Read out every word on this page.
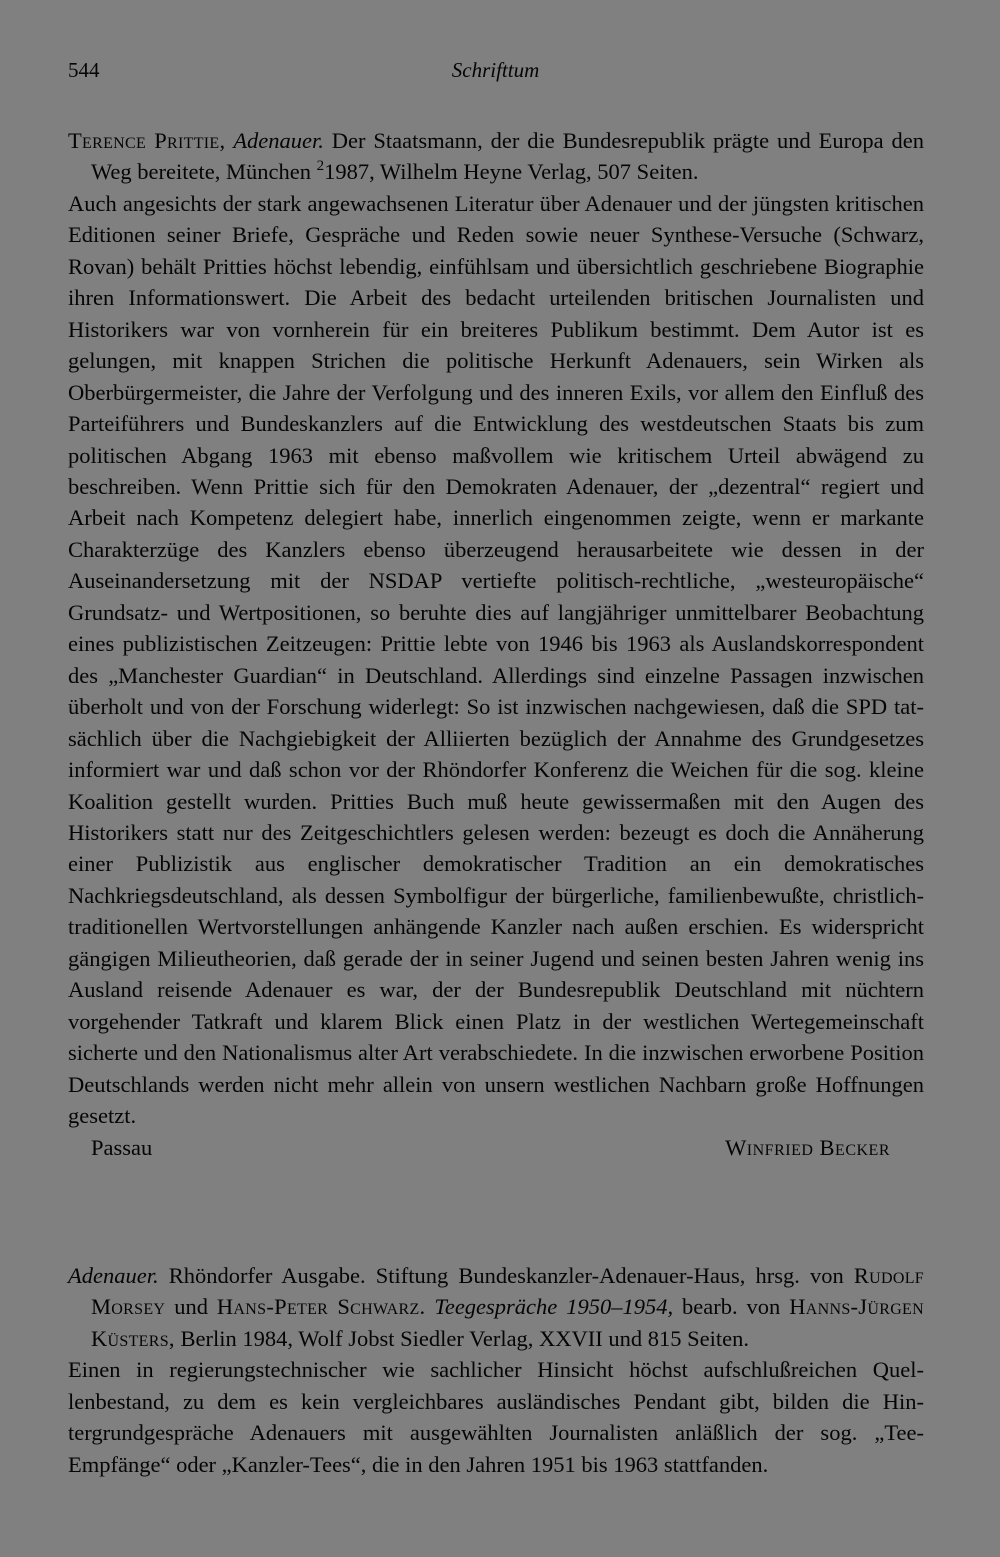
544	Schrifttum

Terence Prittie, Adenauer. Der Staatsmann, der die Bundesrepublik prägte und Europa den Weg bereitete, München $^2$1987, Wilhelm Heyne Verlag, 507 Seiten.

Auch angesichts der stark angewachsenen Literatur über Adenauer und der jüngsten kritischen Editionen seiner Briefe, Gespräche und Reden sowie neuer Synthese-Versuche (Schwarz, Rovan) behält Pritties höchst lebendig, einfühlsam und übersichtlich geschriebene Biographie ihren Informationswert. Die Arbeit des bedacht urteilenden britischen Journalisten und Historikers war von vornherein für ein breiteres Publikum bestimmt. Dem Autor ist es gelungen, mit knappen Strichen die politische Herkunft Adenauers, sein Wirken als Oberbürgermeister, die Jahre der Verfolgung und des inneren Exils, vor allem den Einfluß des Parteiführers und Bundeskanzlers auf die Entwicklung des westdeutschen Staats bis zum politischen Abgang 1963 mit ebenso maßvollem wie kritischem Urteil abwägend zu beschreiben. Wenn Prittie sich für den Demokraten Adenauer, der „dezentral“ regiert und Arbeit nach Kompetenz delegiert habe, innerlich eingenommen zeigte, wenn er markante Charakterzüge des Kanzlers ebenso überzeugend herausarbeitete wie dessen in der Auseinandersetzung mit der NSDAP vertiefte politisch-rechtliche, „westeuropäische“ Grundsatz- und Wertpositionen, so beruhte dies auf langjähriger unmittelbarer Beobachtung eines publizistischen Zeitzeugen: Prittie lebte von 1946 bis 1963 als Auslandskorrespondent des „Manchester Guardian“ in Deutschland. Allerdings sind einzelne Passagen inzwischen überholt und von der Forschung widerlegt: So ist inzwischen nachgewiesen, daß die SPD tatsächlich über die Nachgiebigkeit der Alliierten bezüglich der Annahme des Grundgesetzes informiert war und daß schon vor der Rhöndorfer Konferenz die Weichen für die sog. kleine Koalition gestellt wurden. Pritties Buch muß heute gewissermaßen mit den Augen des Historikers statt nur des Zeitgeschichtlers gelesen werden: bezeugt es doch die Annäherung einer Publizistik aus englischer demokratischer Tradition an ein demokratisches Nachkriegsdeutschland, als dessen Symbolfigur der bürgerliche, familienbewußte, christlich-traditionellen Wertvorstellungen anhängende Kanzler nach außen erschien. Es widerspricht gängigen Milieutheorien, daß gerade der in seiner Jugend und seinen besten Jahren wenig ins Ausland reisende Adenauer es war, der der Bundesrepublik Deutschland mit nüchtern vorgehender Tatkraft und klarem Blick einen Platz in der westlichen Wertegemeinschaft sicherte und den Nationalismus alter Art verabschiedete. In die inzwischen erworbene Position Deutschlands werden nicht mehr allein von unsern westlichen Nachbarn große Hoffnungen gesetzt.

Passau	Winfried Becker

Adenauer. Rhöndorfer Ausgabe. Stiftung Bundeskanzler-Adenauer-Haus, hrsg. von Rudolf Morsey und Hans-Peter Schwarz. Teegespräche 1950–1954, bearb. von Hanns-Jürgen Küsters, Berlin 1984, Wolf Jobst Siedler Verlag, XXVII und 815 Seiten.

Einen in regierungstechnischer wie sachlicher Hinsicht höchst aufschlußreichen Quellenbestand, zu dem es kein vergleichbares ausländisches Pendant gibt, bilden die Hintergrundgespräche Adenauers mit ausgewählten Journalisten anläßlich der sog. „Tee-Empfänge“ oder „Kanzler-Tees“, die in den Jahren 1951 bis 1963 stattfanden.
